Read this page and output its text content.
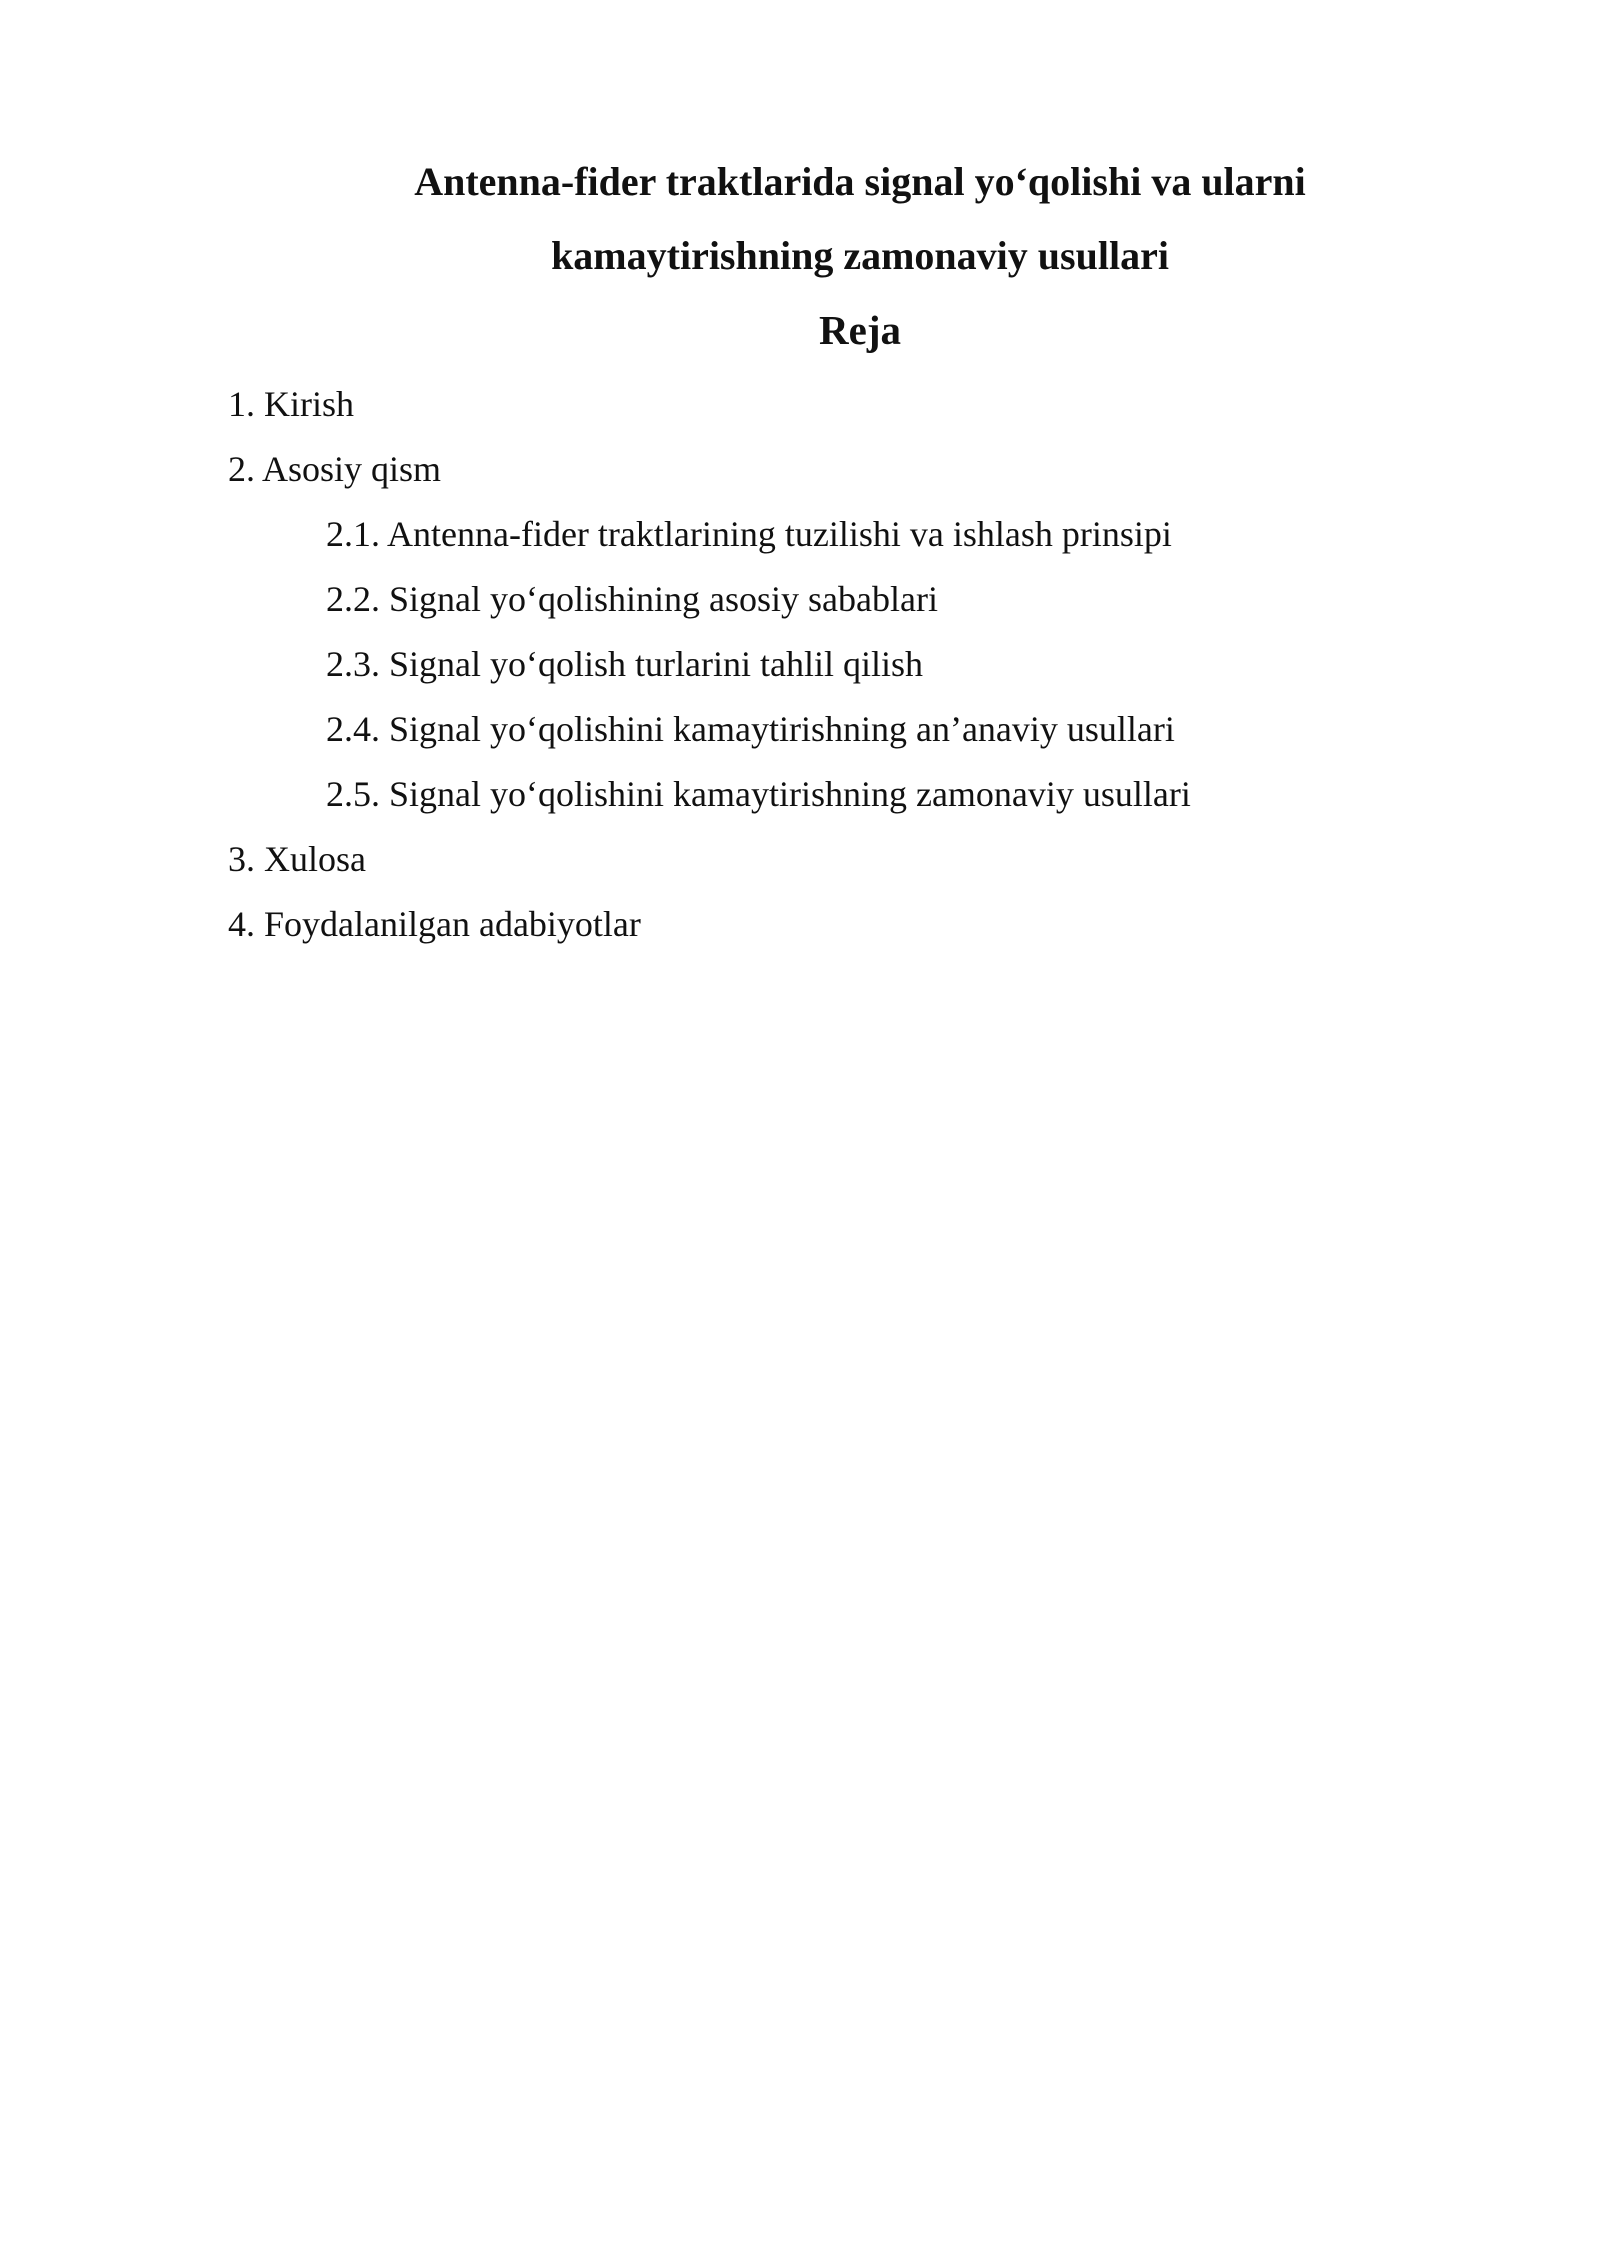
Antenna-fider traktlarida signal yo‘qolishi va ularni
kamaytirishning zamonaviy usullari
Reja
1. Kirish
2. Asosiy qism
2.1. Antenna-fider traktlarining tuzilishi va ishlash prinsipi
2.2. Signal yo‘qolishining asosiy sabablari
2.3. Signal yo‘qolish turlarini tahlil qilish
2.4. Signal yo‘qolishini kamaytirishning an’anaviy usullari
2.5. Signal yo‘qolishini kamaytirishning zamonaviy usullari
3. Xulosa
4. Foydalanilgan adabiyotlar
